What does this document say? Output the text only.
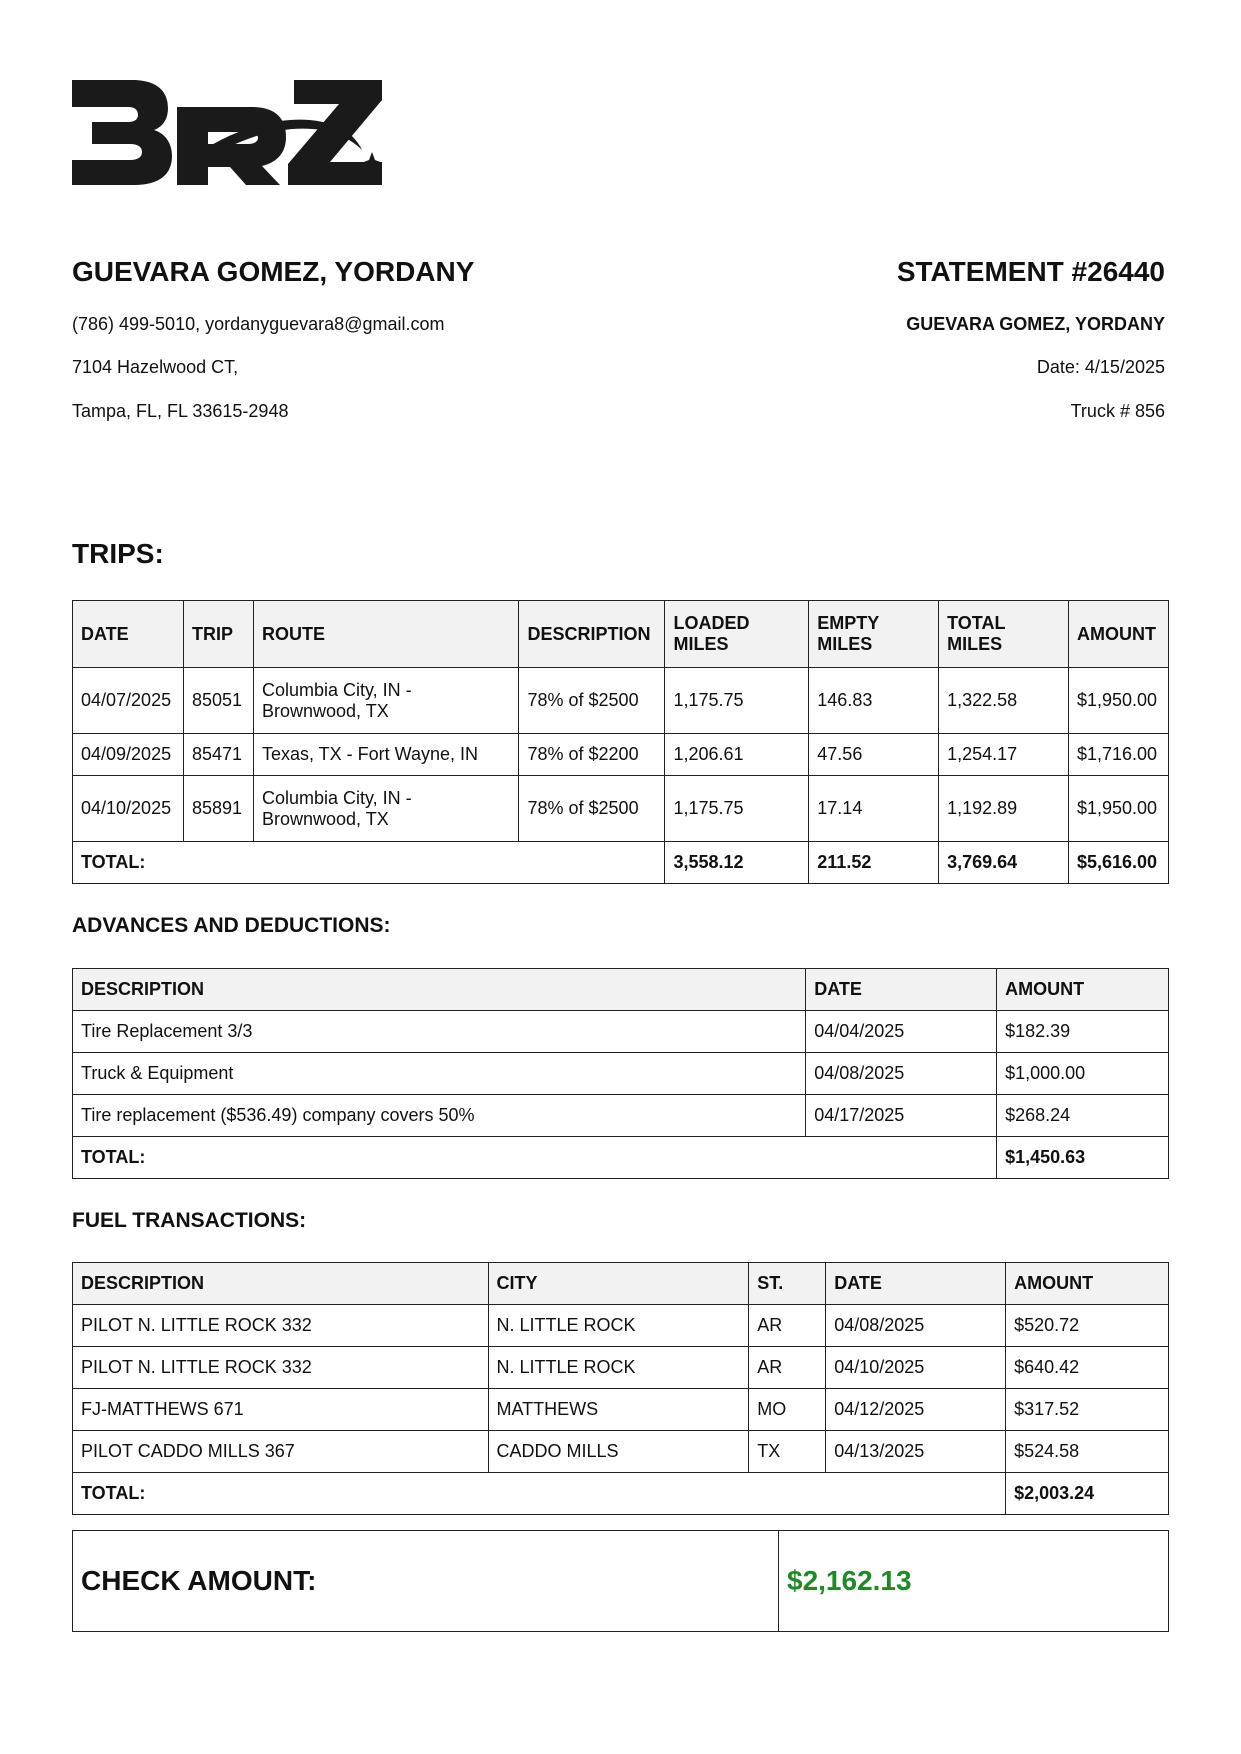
GUEVARA GOMEZ, YORDANY
(786) 499-5010, yordanyguevara8@gmail.com
7104 Hazelwood CT,
Tampa, FL, FL 33615-2948
STATEMENT #26440
GUEVARA GOMEZ, YORDANY
Date: 4/15/2025
Truck # 856
TRIPS:
DATE	TRIP	ROUTE	DESCRIPTION	LOADED MILES	EMPTY MILES	TOTAL MILES	AMOUNT
04/07/2025	85051	Columbia City, IN - Brownwood, TX	78% of $2500	1,175.75	146.83	1,322.58	$1,950.00
04/09/2025	85471	Texas, TX - Fort Wayne, IN	78% of $2200	1,206.61	47.56	1,254.17	$1,716.00
04/10/2025	85891	Columbia City, IN - Brownwood, TX	78% of $2500	1,175.75	17.14	1,192.89	$1,950.00
TOTAL:				3,558.12	211.52	3,769.64	$5,616.00
ADVANCES AND DEDUCTIONS:
DESCRIPTION	DATE	AMOUNT
Tire Replacement 3/3	04/04/2025	$182.39
Truck & Equipment	04/08/2025	$1,000.00
Tire replacement ($536.49) company covers 50%	04/17/2025	$268.24
TOTAL:		$1,450.63
FUEL TRANSACTIONS:
DESCRIPTION	CITY	ST.	DATE	AMOUNT
PILOT N. LITTLE ROCK 332	N. LITTLE ROCK	AR	04/08/2025	$520.72
PILOT N. LITTLE ROCK 332	N. LITTLE ROCK	AR	04/10/2025	$640.42
FJ-MATTHEWS 671	MATTHEWS	MO	04/12/2025	$317.52
PILOT CADDO MILLS 367	CADDO MILLS	TX	04/13/2025	$524.58
TOTAL:				$2,003.24
CHECK AMOUNT:	$2,162.13
